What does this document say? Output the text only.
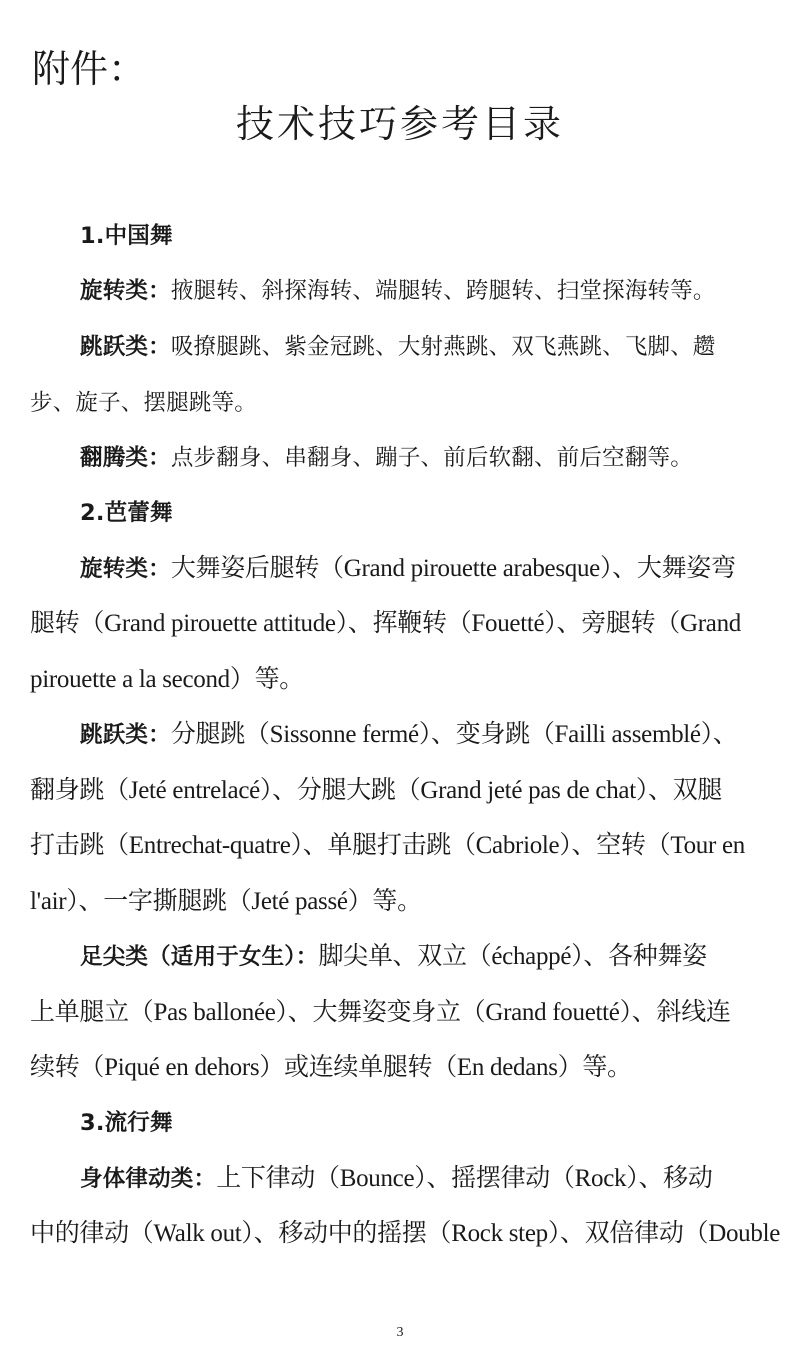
附件：
技术技巧参考目录
1.中国舞
旋转类：掖腿转、斜探海转、端腿转、跨腿转、扫堂探海转等。
跳跃类：吸撩腿跳、紫金冠跳、大射燕跳、双飞燕跳、飞脚、趱
步、旋子、摆腿跳等。
翻腾类：点步翻身、串翻身、蹦子、前后软翻、前后空翻等。
2.芭蕾舞
旋转类：大舞姿后腿转（Grand pirouette arabesque）、大舞姿弯
腿转（Grand pirouette attitude）、挥鞭转（Fouetté）、旁腿转（Grand
pirouette a la second）等。
跳跃类：分腿跳（Sissonne fermé）、变身跳（Failli assemblé）、
翻身跳（Jeté entrelacé）、分腿大跳（Grand jeté pas de chat）、双腿
打击跳（Entrechat-quatre）、单腿打击跳（Cabriole）、空转（Tour en
l'air）、一字撕腿跳（Jeté passé）等。
足尖类（适用于女生）：脚尖单、双立（échappé）、各种舞姿
上单腿立（Pas ballonée）、大舞姿变身立（Grand fouetté）、斜线连
续转（Piqué en dehors）或连续单腿转（En dedans）等。
3.流行舞
身体律动类：上下律动（Bounce）、摇摆律动（Rock）、移动
中的律动（Walk out）、移动中的摇摆（Rock step）、双倍律动（Double
3
